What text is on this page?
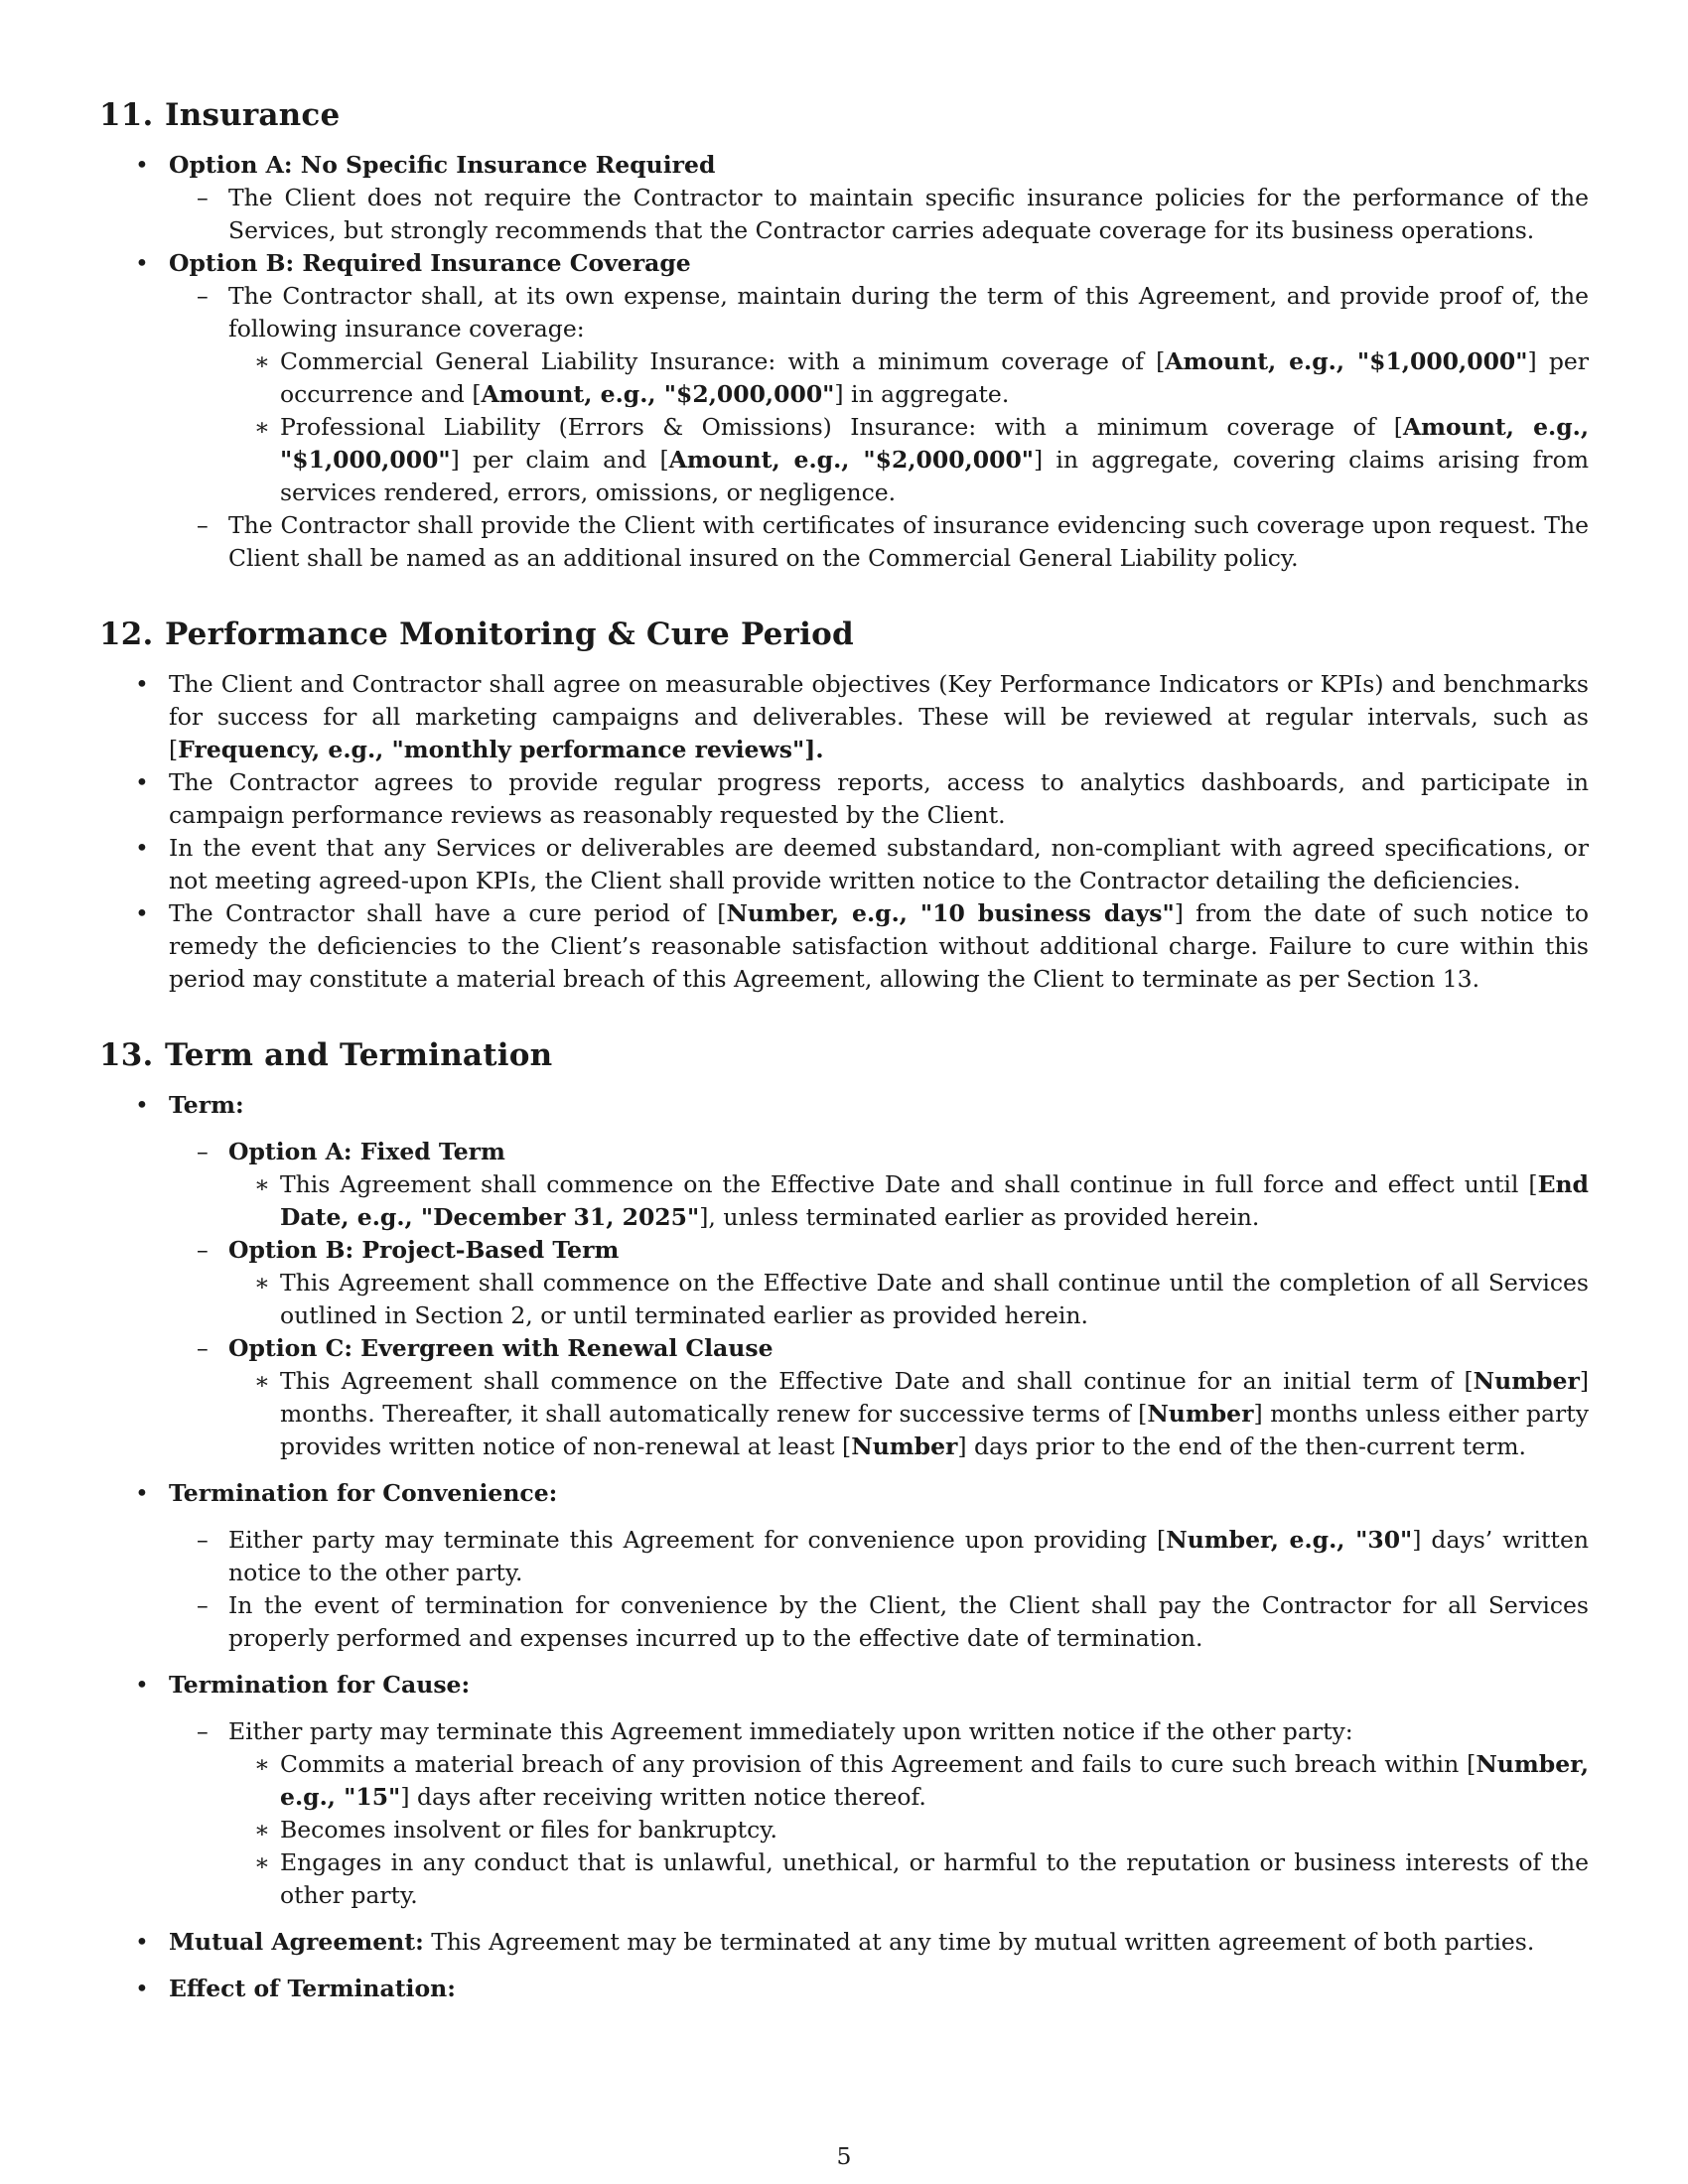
11. Insurance
• Option A: No Specific Insurance Required
– The Client does not require the Contractor to maintain specific insurance policies for the performance of the Services, but strongly recommends that the Contractor carries adequate coverage for its business operations.
• Option B: Required Insurance Coverage
– The Contractor shall, at its own expense, maintain during the term of this Agreement, and provide proof of, the following insurance coverage:
∗ Commercial General Liability Insurance: with a minimum coverage of [Amount, e.g., "$1,000,000"] per occurrence and [Amount, e.g., "$2,000,000"] in aggregate.
∗ Professional Liability (Errors & Omissions) Insurance: with a minimum coverage of [Amount, e.g., "$1,000,000"] per claim and [Amount, e.g., "$2,000,000"] in aggregate, covering claims arising from services rendered, errors, omissions, or negligence.
– The Contractor shall provide the Client with certificates of insurance evidencing such coverage upon request. The Client shall be named as an additional insured on the Commercial General Liability policy.
12. Performance Monitoring & Cure Period
• The Client and Contractor shall agree on measurable objectives (Key Performance Indicators or KPIs) and benchmarks for success for all marketing campaigns and deliverables. These will be reviewed at regular intervals, such as [Frequency, e.g., "monthly performance reviews"].
• The Contractor agrees to provide regular progress reports, access to analytics dashboards, and participate in campaign performance reviews as reasonably requested by the Client.
• In the event that any Services or deliverables are deemed substandard, non-compliant with agreed specifications, or not meeting agreed-upon KPIs, the Client shall provide written notice to the Contractor detailing the deficiencies.
• The Contractor shall have a cure period of [Number, e.g., "10 business days"] from the date of such notice to remedy the deficiencies to the Client’s reasonable satisfaction without additional charge. Failure to cure within this period may constitute a material breach of this Agreement, allowing the Client to terminate as per Section 13.
13. Term and Termination
• Term:
– Option A: Fixed Term
∗ This Agreement shall commence on the Effective Date and shall continue in full force and effect until [End Date, e.g., "December 31, 2025"], unless terminated earlier as provided herein.
– Option B: Project-Based Term
∗ This Agreement shall commence on the Effective Date and shall continue until the completion of all Services outlined in Section 2, or until terminated earlier as provided herein.
– Option C: Evergreen with Renewal Clause
∗ This Agreement shall commence on the Effective Date and shall continue for an initial term of [Number] months. Thereafter, it shall automatically renew for successive terms of [Number] months unless either party provides written notice of non-renewal at least [Number] days prior to the end of the then-current term.
• Termination for Convenience:
– Either party may terminate this Agreement for convenience upon providing [Number, e.g., "30"] days’ written notice to the other party.
– In the event of termination for convenience by the Client, the Client shall pay the Contractor for all Services properly performed and expenses incurred up to the effective date of termination.
• Termination for Cause:
– Either party may terminate this Agreement immediately upon written notice if the other party:
∗ Commits a material breach of any provision of this Agreement and fails to cure such breach within [Number, e.g., "15"] days after receiving written notice thereof.
∗ Becomes insolvent or files for bankruptcy.
∗ Engages in any conduct that is unlawful, unethical, or harmful to the reputation or business interests of the other party.
• Mutual Agreement: This Agreement may be terminated at any time by mutual written agreement of both parties.
• Effect of Termination:
5
